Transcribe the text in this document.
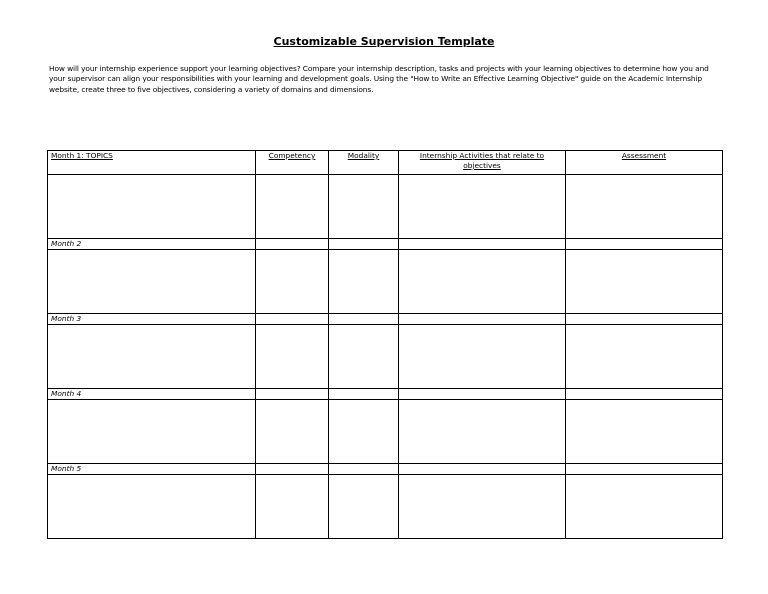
Customizable Supervision Template
How will your internship experience support your learning objectives? Compare your internship description, tasks and projects with your learning objectives to determine how you and your supervisor can align your responsibilities with your learning and development goals. Using the "How to Write an Effective Learning Objective" guide on the Academic Internship website, create three to five objectives, considering a variety of domains and dimensions.
Month 1: TOPICS	Competency	Modality	Internship Activities that relate to objectives	Assessment

Month 2				

Month 3				

Month 4				

Month 5				
